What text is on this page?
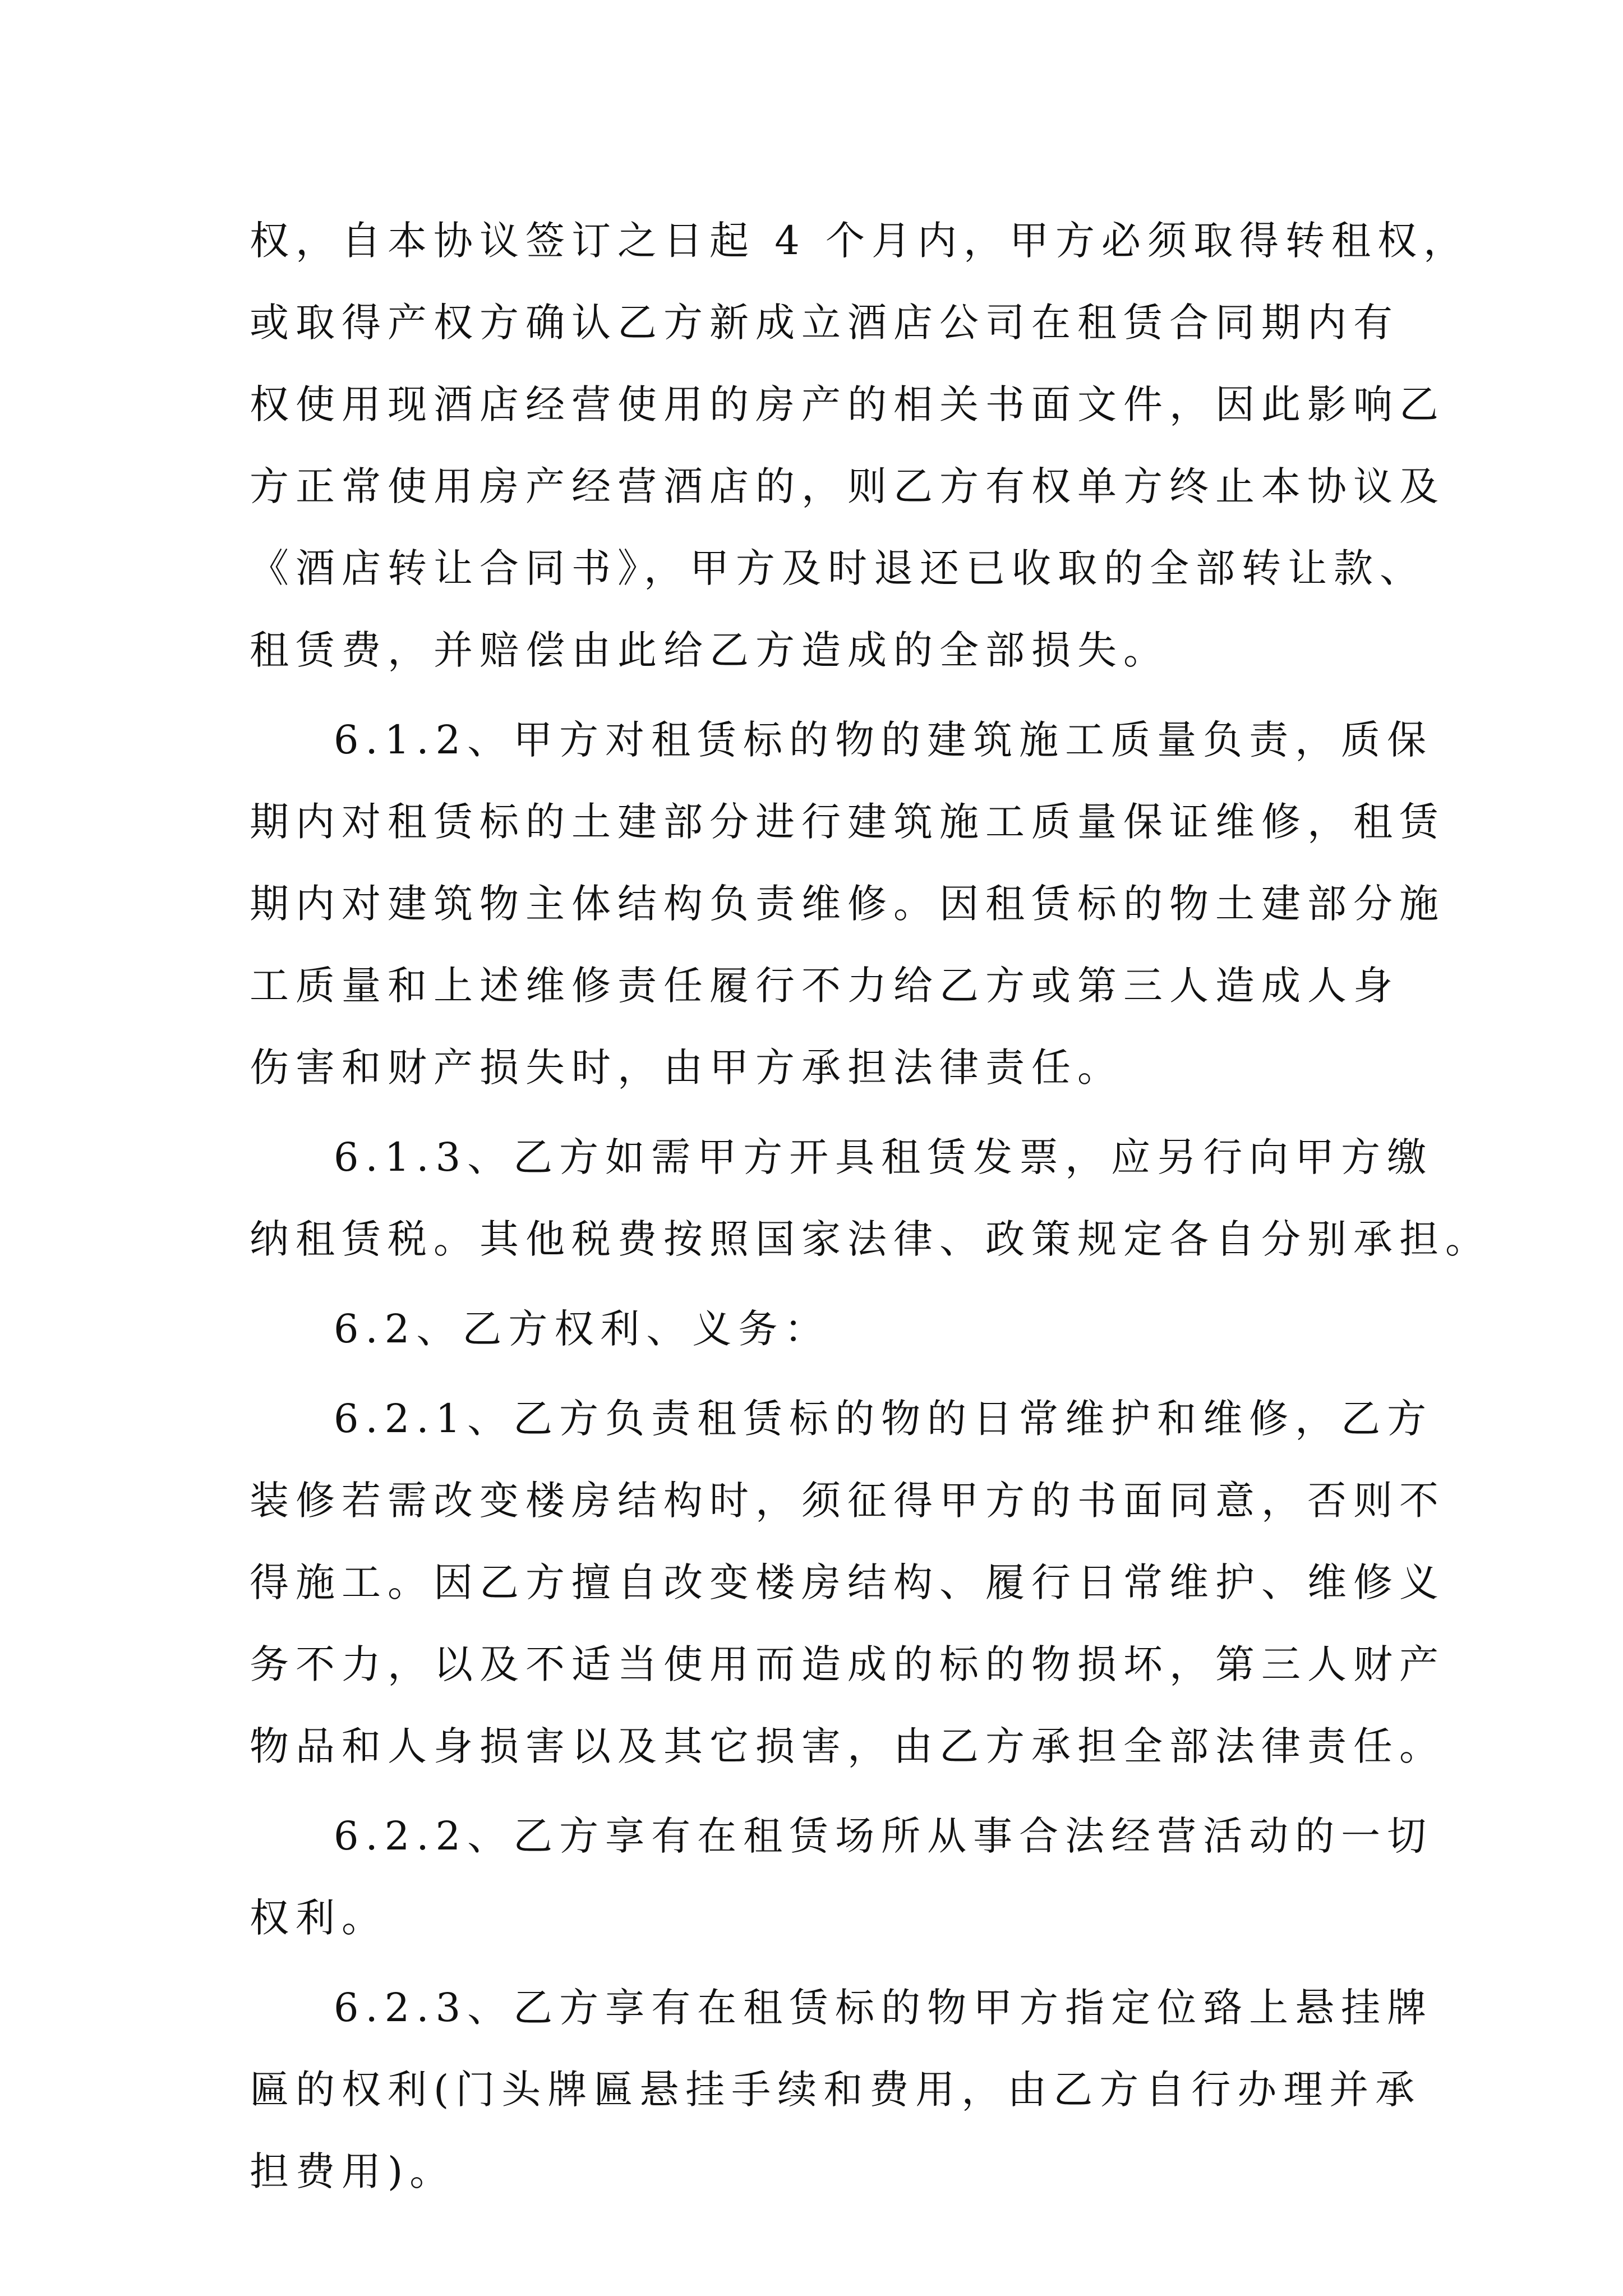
权，自本协议签订之日起 4 个月内，甲方必须取得转租权，
或取得产权方确认乙方新成立酒店公司在租赁合同期内有
权使用现酒店经营使用的房产的相关书面文件，因此影响乙
方正常使用房产经营酒店的，则乙方有权单方终止本协议及
《酒店转让合同书》，甲方及时退还已收取的全部转让款、
租赁费，并赔偿由此给乙方造成的全部损失。
6.1.2、甲方对租赁标的物的建筑施工质量负责，质保
期内对租赁标的土建部分进行建筑施工质量保证维修，租赁
期内对建筑物主体结构负责维修。因租赁标的物土建部分施
工质量和上述维修责任履行不力给乙方或第三人造成人身
伤害和财产损失时，由甲方承担法律责任。
6.1.3、乙方如需甲方开具租赁发票，应另行向甲方缴
纳租赁税。其他税费按照国家法律、政策规定各自分别承担。
6.2、乙方权利、义务：
6.2.1、乙方负责租赁标的物的日常维护和维修，乙方
装修若需改变楼房结构时，须征得甲方的书面同意，否则不
得施工。因乙方擅自改变楼房结构、履行日常维护、维修义
务不力，以及不适当使用而造成的标的物损坏，第三人财产
物品和人身损害以及其它损害，由乙方承担全部法律责任。
6.2.2、乙方享有在租赁场所从事合法经营活动的一切
权利。
6.2.3、乙方享有在租赁标的物甲方指定位臵上悬挂牌
匾的权利(门头牌匾悬挂手续和费用，由乙方自行办理并承
担费用)。
